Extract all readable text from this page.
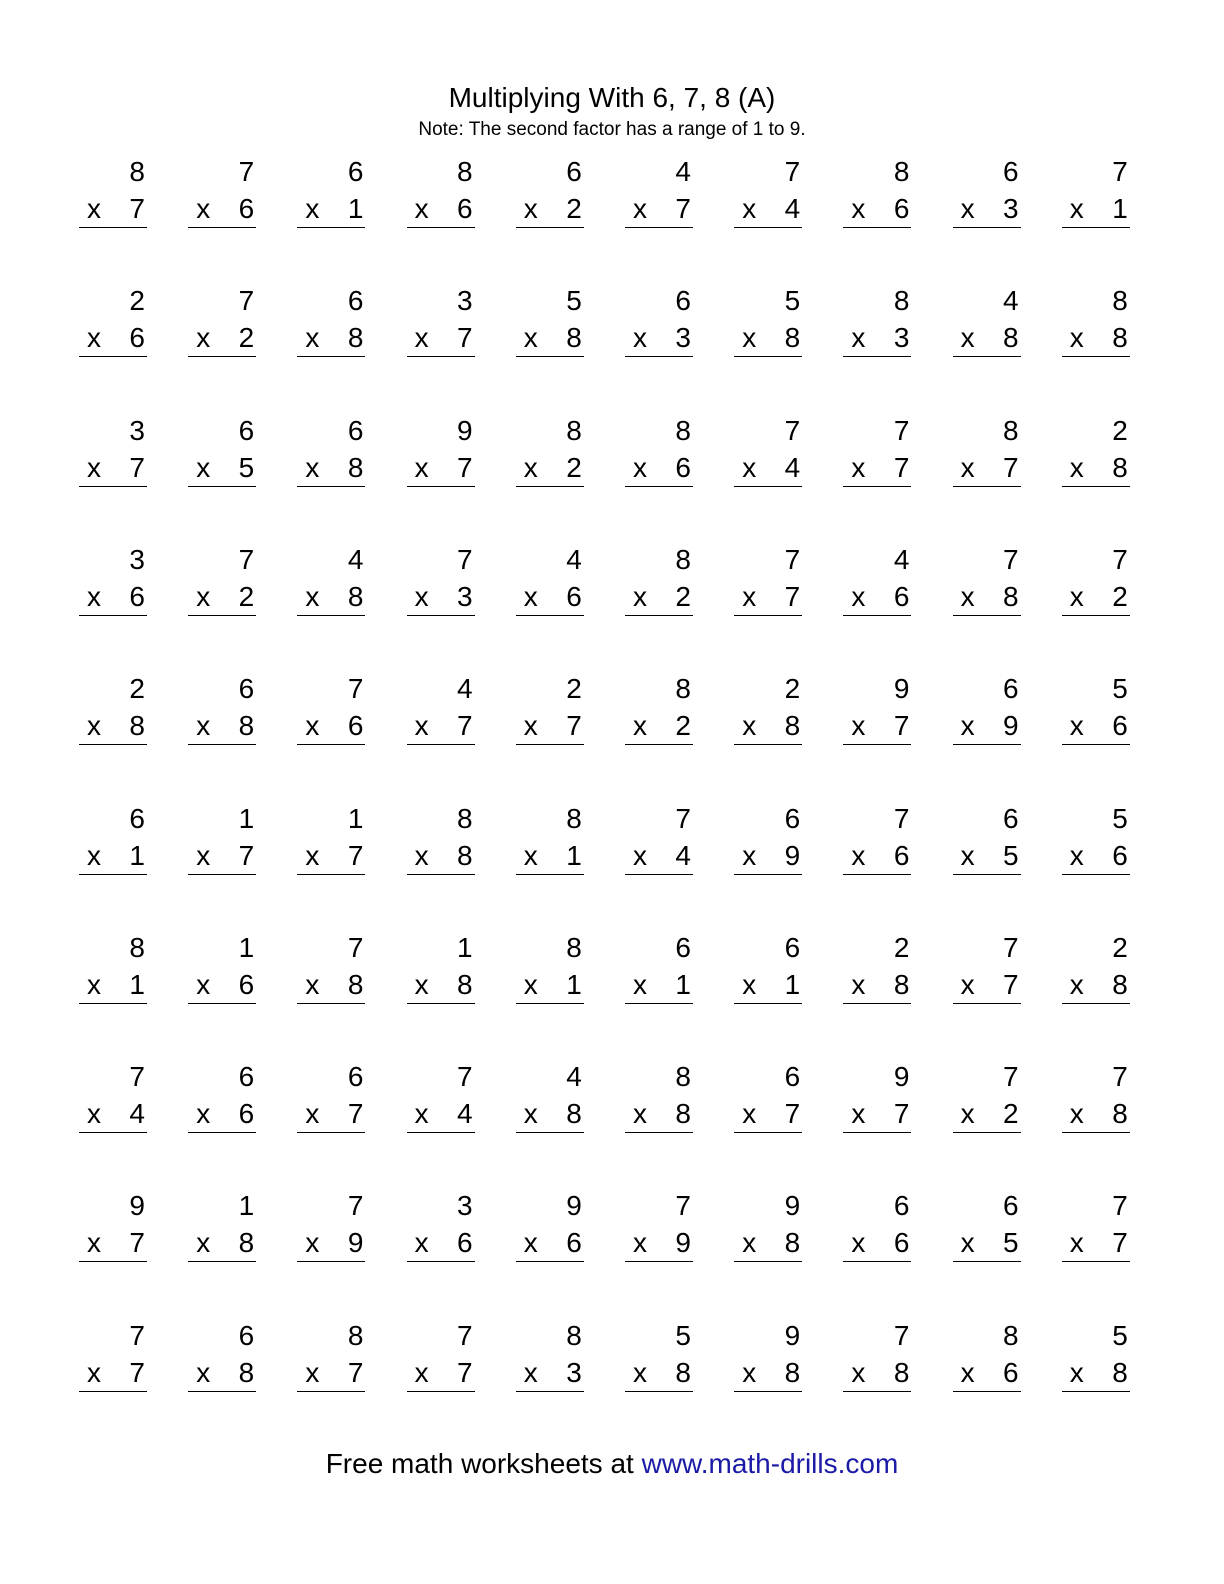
Multiplying With 6, 7, 8 (A)
Note: The second factor has a range of 1 to 9.
8
x 7
7
x 6
6
x 1
8
x 6
6
x 2
4
x 7
7
x 4
8
x 6
6
x 3
7
x 1
2
x 6
7
x 2
6
x 8
3
x 7
5
x 8
6
x 3
5
x 8
8
x 3
4
x 8
8
x 8
3
x 7
6
x 5
6
x 8
9
x 7
8
x 2
8
x 6
7
x 4
7
x 7
8
x 7
2
x 8
3
x 6
7
x 2
4
x 8
7
x 3
4
x 6
8
x 2
7
x 7
4
x 6
7
x 8
7
x 2
2
x 8
6
x 8
7
x 6
4
x 7
2
x 7
8
x 2
2
x 8
9
x 7
6
x 9
5
x 6
6
x 1
1
x 7
1
x 7
8
x 8
8
x 1
7
x 4
6
x 9
7
x 6
6
x 5
5
x 6
8
x 1
1
x 6
7
x 8
1
x 8
8
x 1
6
x 1
6
x 1
2
x 8
7
x 7
2
x 8
7
x 4
6
x 6
6
x 7
7
x 4
4
x 8
8
x 8
6
x 7
9
x 7
7
x 2
7
x 8
9
x 7
1
x 8
7
x 9
3
x 6
9
x 6
7
x 9
9
x 8
6
x 6
6
x 5
7
x 7
7
x 7
6
x 8
8
x 7
7
x 7
8
x 3
5
x 8
9
x 8
7
x 8
8
x 6
5
x 8
Free math worksheets at www.math-drills.com
